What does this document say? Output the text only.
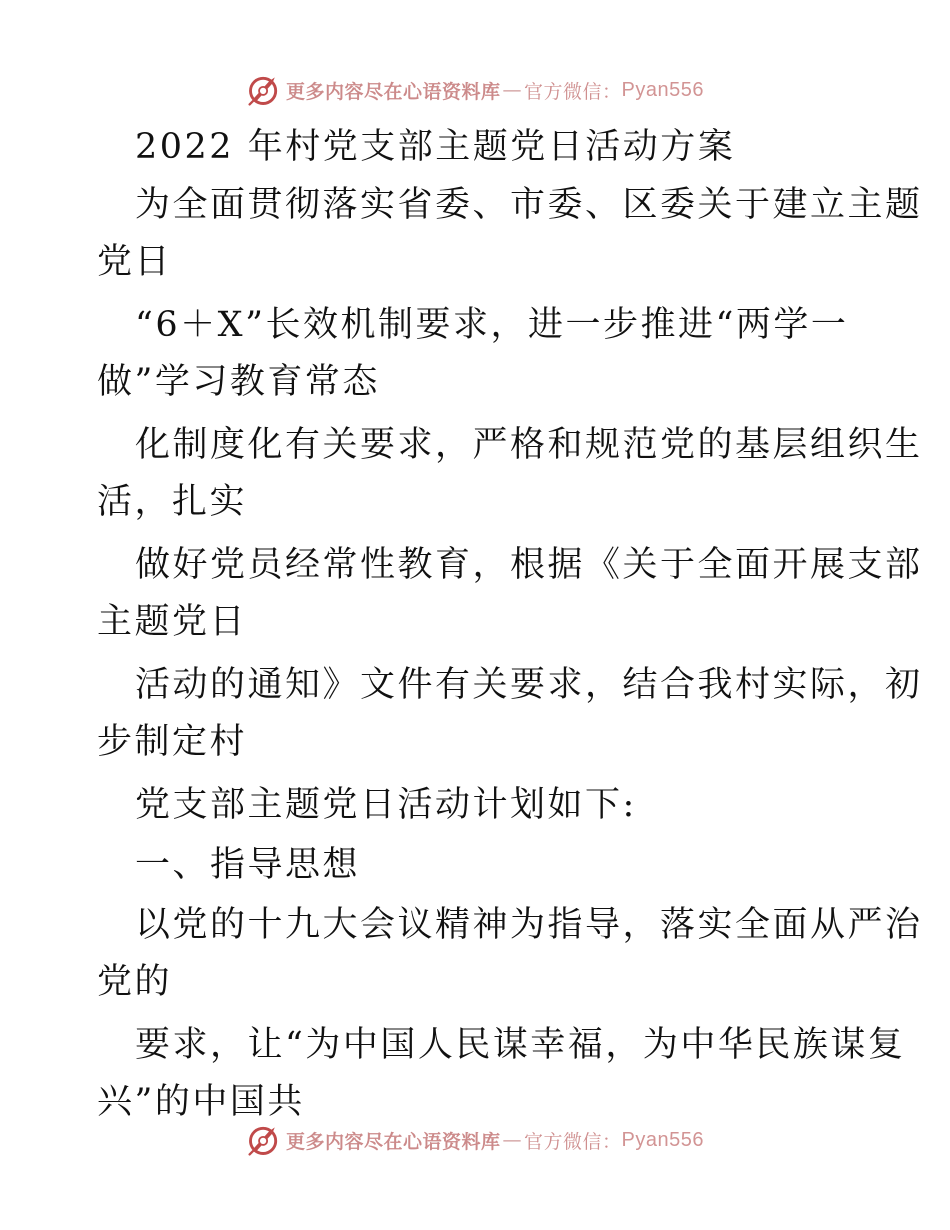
更多内容尽在心语资料库 — 官方微信： Pyan556
2022 年村党支部主题党日活动方案
为全面贯彻落实省委、市委、区委关于建立主题
党日
“6＋X”长效机制要求，进一步推进“两学一
做”学习教育常态
化制度化有关要求，严格和规范党的基层组织生
活，扎实
做好党员经常性教育，根据《关于全面开展支部
主题党日
活动的通知》文件有关要求，结合我村实际，初
步制定村
党支部主题党日活动计划如下:
一、指导思想
以党的十九大会议精神为指导，落实全面从严治
党的
要求，让“为中国人民谋幸福，为中华民族谋复
兴”的中国共
更多内容尽在心语资料库 — 官方微信： Pyan556
